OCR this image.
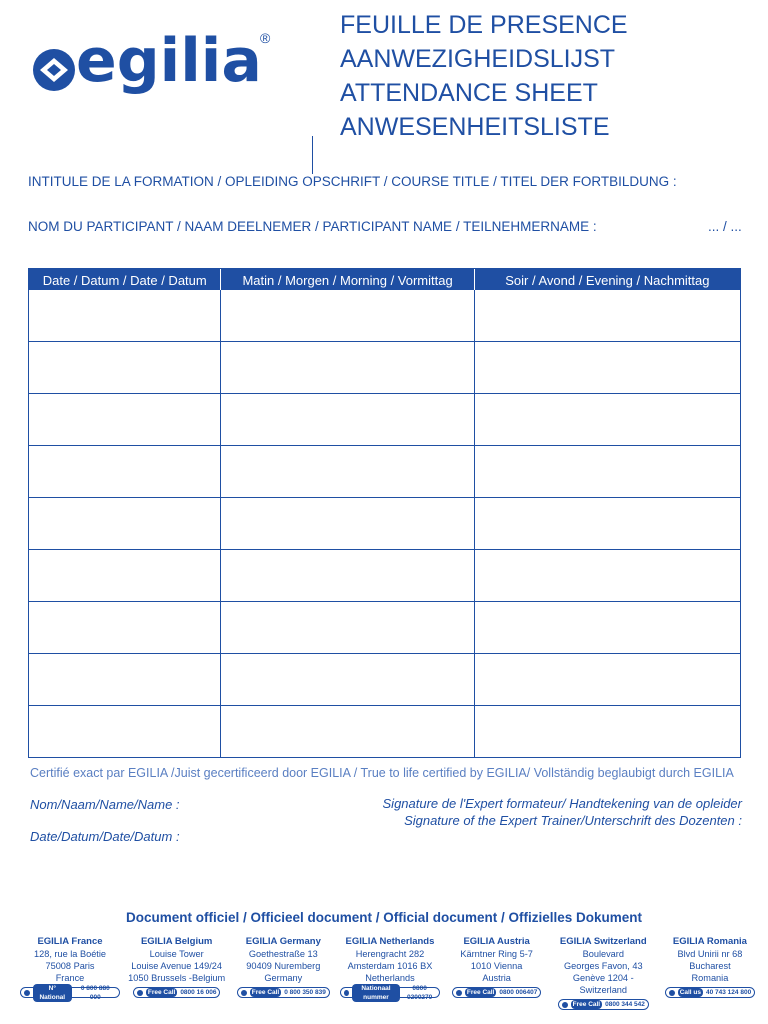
egilia
®	FEUILLE DE PRESENCE
AANWEZIGHEIDSLIJST
ATTENDANCE SHEET
ANWESENHEITSLISTE
INTITULE DE LA FORMATION / OPLEIDING OPSCHRIFT / COURSE TITLE / TITEL DER FORTBILDUNG :
NOM DU PARTICIPANT / NAAM DEELNEMER / PARTICIPANT NAME / TEILNEHMERNAME :	... / ...
Date / Datum / Date / Datum	Matin / Morgen / Morning / Vormittag	Soir / Avond / Evening / Nachmittag
Certifié exact par EGILIA /Juist gecertificeerd door EGILIA / True to life certified by EGILIA/ Vollständig beglaubigt durch EGILIA
Nom/Naam/Name/Name :
Date/Datum/Date/Datum :
Signature de l'Expert formateur/ Handtekening van de opleider
Signature of the Expert Trainer/Unterschrift des Dozenten :
Document officiel / Officieel document / Official document / Offizielles Dokument
EGILIA France
128, rue la Boétie
75008 Paris
France
N° National
0 800 880 000
EGILIA Belgium
Louise Tower
Louise Avenue 149/24
1050 Brussels -Belgium
Free Call 0800 16 006
EGILIA Germany
Goethestraße 13
90409 Nuremberg
Germany
Free Call 0 800 350 839
EGILIA Netherlands
Herengracht 282
Amsterdam 1016 BX
Netherlands
Nationaal nummer
0800 0200270
EGILIA Austria
Kärntner Ring 5-7
1010 Vienna
Austria
Free Call 0800 006407
EGILIA Switzerland
Boulevard
Georges Favon, 43
Genève 1204 - Switzerland
Free Call 0800 344 542
EGILIA Romania
Blvd Unirii nr 68
Bucharest
Romania
Call us 40 743 124 800
